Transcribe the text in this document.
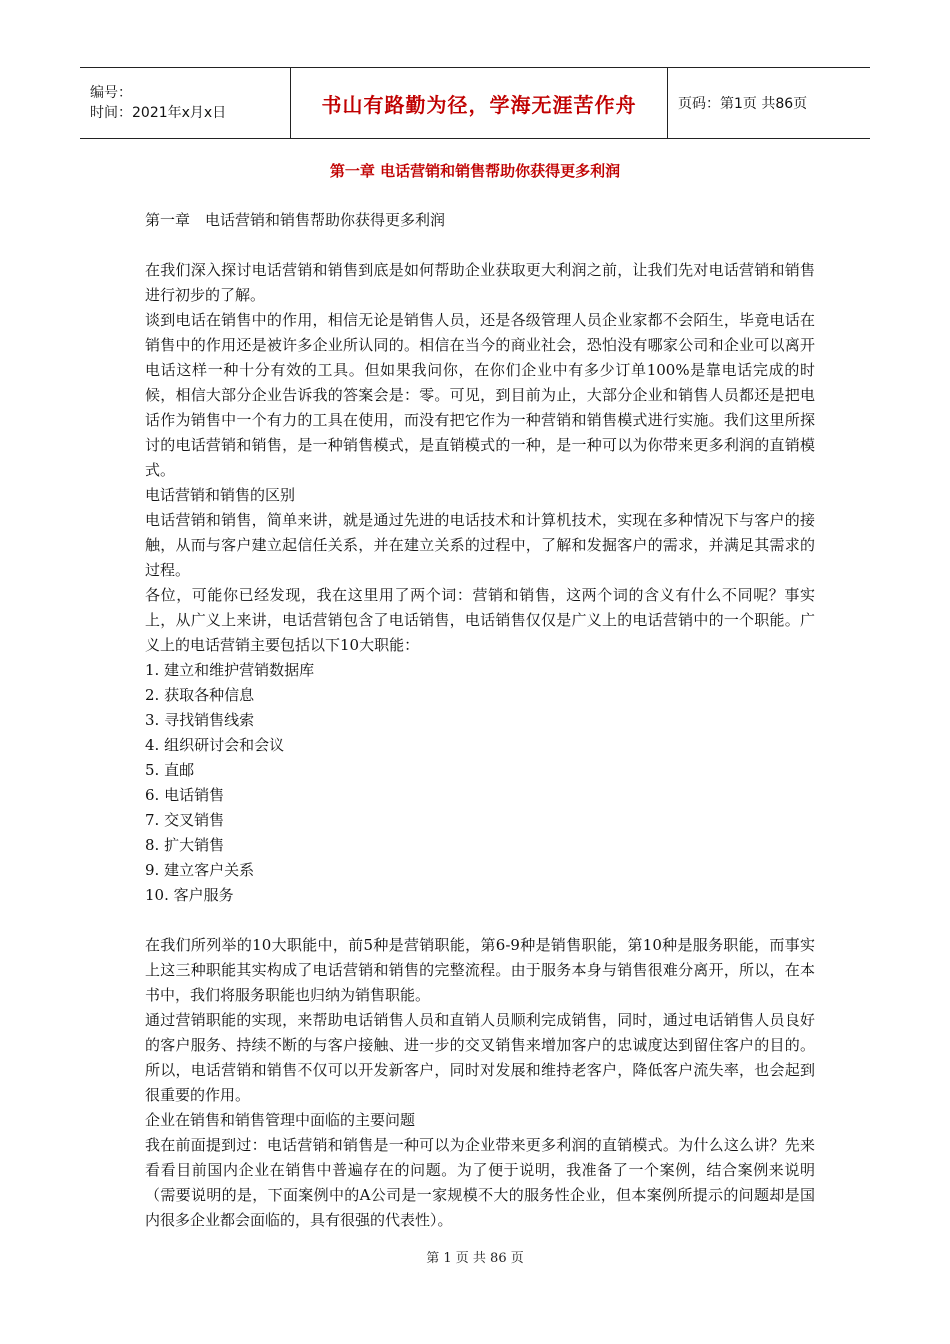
编号：
时间：2021年x月x日	书山有路勤为径，学海无涯苦作舟	页码：第1页 共86页
第一章 电话营销和销售帮助你获得更多利润

第一章　电话营销和销售帮助你获得更多利润

在我们深入探讨电话营销和销售到底是如何帮助企业获取更大利润之前，让我们先对电话营销和销售进行初步的了解。

谈到电话在销售中的作用，相信无论是销售人员，还是各级管理人员企业家都不会陌生，毕竟电话在销售中的作用还是被许多企业所认同的。相信在当今的商业社会，恐怕没有哪家公司和企业可以离开电话这样一种十分有效的工具。但如果我问你，在你们企业中有多少订单100%是靠电话完成的时候，相信大部分企业告诉我的答案会是：零。可见，到目前为止，大部分企业和销售人员都还是把电话作为销售中一个有力的工具在使用，而没有把它作为一种营销和销售模式进行实施。我们这里所探讨的电话营销和销售，是一种销售模式，是直销模式的一种，是一种可以为你带来更多利润的直销模式。

电话营销和销售的区别

电话营销和销售，简单来讲，就是通过先进的电话技术和计算机技术，实现在多种情况下与客户的接触，从而与客户建立起信任关系，并在建立关系的过程中，了解和发掘客户的需求，并满足其需求的过程。

各位，可能你已经发现，我在这里用了两个词：营销和销售，这两个词的含义有什么不同呢？事实上，从广义上来讲，电话营销包含了电话销售，电话销售仅仅是广义上的电话营销中的一个职能。广义上的电话营销主要包括以下10大职能：

1. 建立和维护营销数据库
2. 获取各种信息
3. 寻找销售线索
4. 组织研讨会和会议
5. 直邮
6. 电话销售
7. 交叉销售
8. 扩大销售
9. 建立客户关系
10. 客户服务

在我们所列举的10大职能中，前5种是营销职能，第6-9种是销售职能，第10种是服务职能，而事实上这三种职能其实构成了电话营销和销售的完整流程。由于服务本身与销售很难分离开，所以，在本书中，我们将服务职能也归纳为销售职能。

通过营销职能的实现，来帮助电话销售人员和直销人员顺利完成销售，同时，通过电话销售人员良好的客户服务、持续不断的与客户接触、进一步的交叉销售来增加客户的忠诚度达到留住客户的目的。所以，电话营销和销售不仅可以开发新客户，同时对发展和维持老客户，降低客户流失率，也会起到很重要的作用。

企业在销售和销售管理中面临的主要问题

我在前面提到过：电话营销和销售是一种可以为企业带来更多利润的直销模式。为什么这么讲？先来看看目前国内企业在销售中普遍存在的问题。为了便于说明，我准备了一个案例，结合案例来说明（需要说明的是，下面案例中的A公司是一家规模不大的服务性企业，但本案例所提示的问题却是国内很多企业都会面临的，具有很强的代表性）。

第 1 页 共 86 页
